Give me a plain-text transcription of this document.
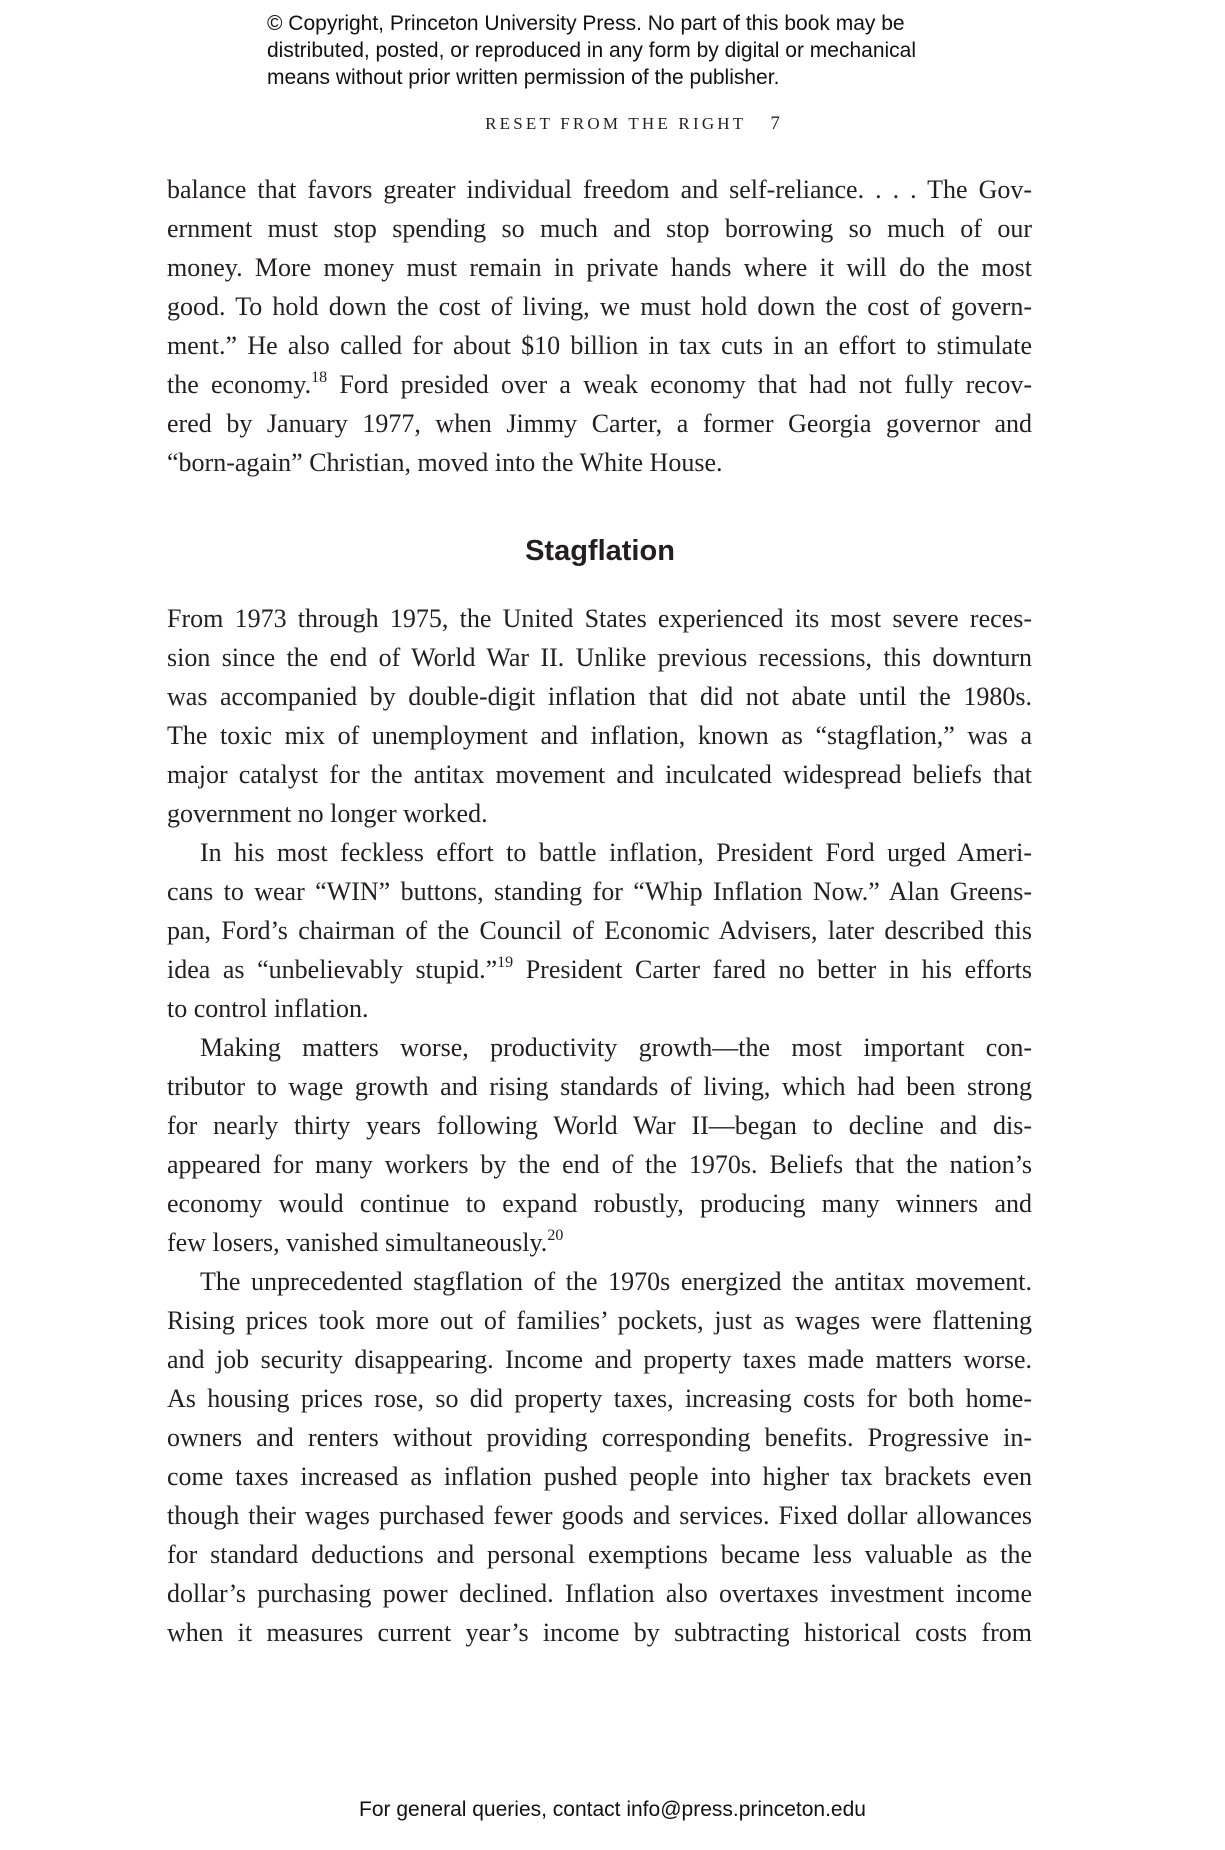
© Copyright, Princeton University Press. No part of this book may be
distributed, posted, or reproduced in any form by digital or mechanical
means without prior written permission of the publisher.
RESET FROM THE RIGHT 7
balance that favors greater individual freedom and self-reliance. . . . The Gov-
ernment must stop spending so much and stop borrowing so much of our
money. More money must remain in private hands where it will do the most
good. To hold down the cost of living, we must hold down the cost of govern-
ment.” He also called for about $10 billion in tax cuts in an effort to stimulate
the economy.$^{18}$ Ford presided over a weak economy that had not fully recov-
ered by January 1977, when Jimmy Carter, a former Georgia governor and
“born-again” Christian, moved into the White House.
Stagflation
From 1973 through 1975, the United States experienced its most severe reces-
sion since the end of World War II. Unlike previous recessions, this downturn
was accompanied by double-digit inflation that did not abate until the 1980s.
The toxic mix of unemployment and inflation, known as “stagflation,” was a
major catalyst for the antitax movement and inculcated widespread beliefs that
government no longer worked.
In his most feckless effort to battle inflation, President Ford urged Ameri-
cans to wear “WIN” buttons, standing for “Whip Inflation Now.” Alan Greens-
pan, Ford’s chairman of the Council of Economic Advisers, later described this
idea as “unbelievably stupid.”$^{19}$ President Carter fared no better in his efforts
to control inflation.
Making matters worse, productivity growth—the most important con-
tributor to wage growth and rising standards of living, which had been strong
for nearly thirty years following World War II—began to decline and dis-
appeared for many workers by the end of the 1970s. Beliefs that the nation’s
economy would continue to expand robustly, producing many winners and
few losers, vanished simultaneously.$^{20}$
The unprecedented stagflation of the 1970s energized the antitax movement.
Rising prices took more out of families’ pockets, just as wages were flattening
and job security disappearing. Income and property taxes made matters worse.
As housing prices rose, so did property taxes, increasing costs for both home-
owners and renters without providing corresponding benefits. Progressive in-
come taxes increased as inflation pushed people into higher tax brackets even
though their wages purchased fewer goods and services. Fixed dollar allowances
for standard deductions and personal exemptions became less valuable as the
dollar’s purchasing power declined. Inflation also overtaxes investment income
when it measures current year’s income by subtracting historical costs from
For general queries, contact info@press.princeton.edu
